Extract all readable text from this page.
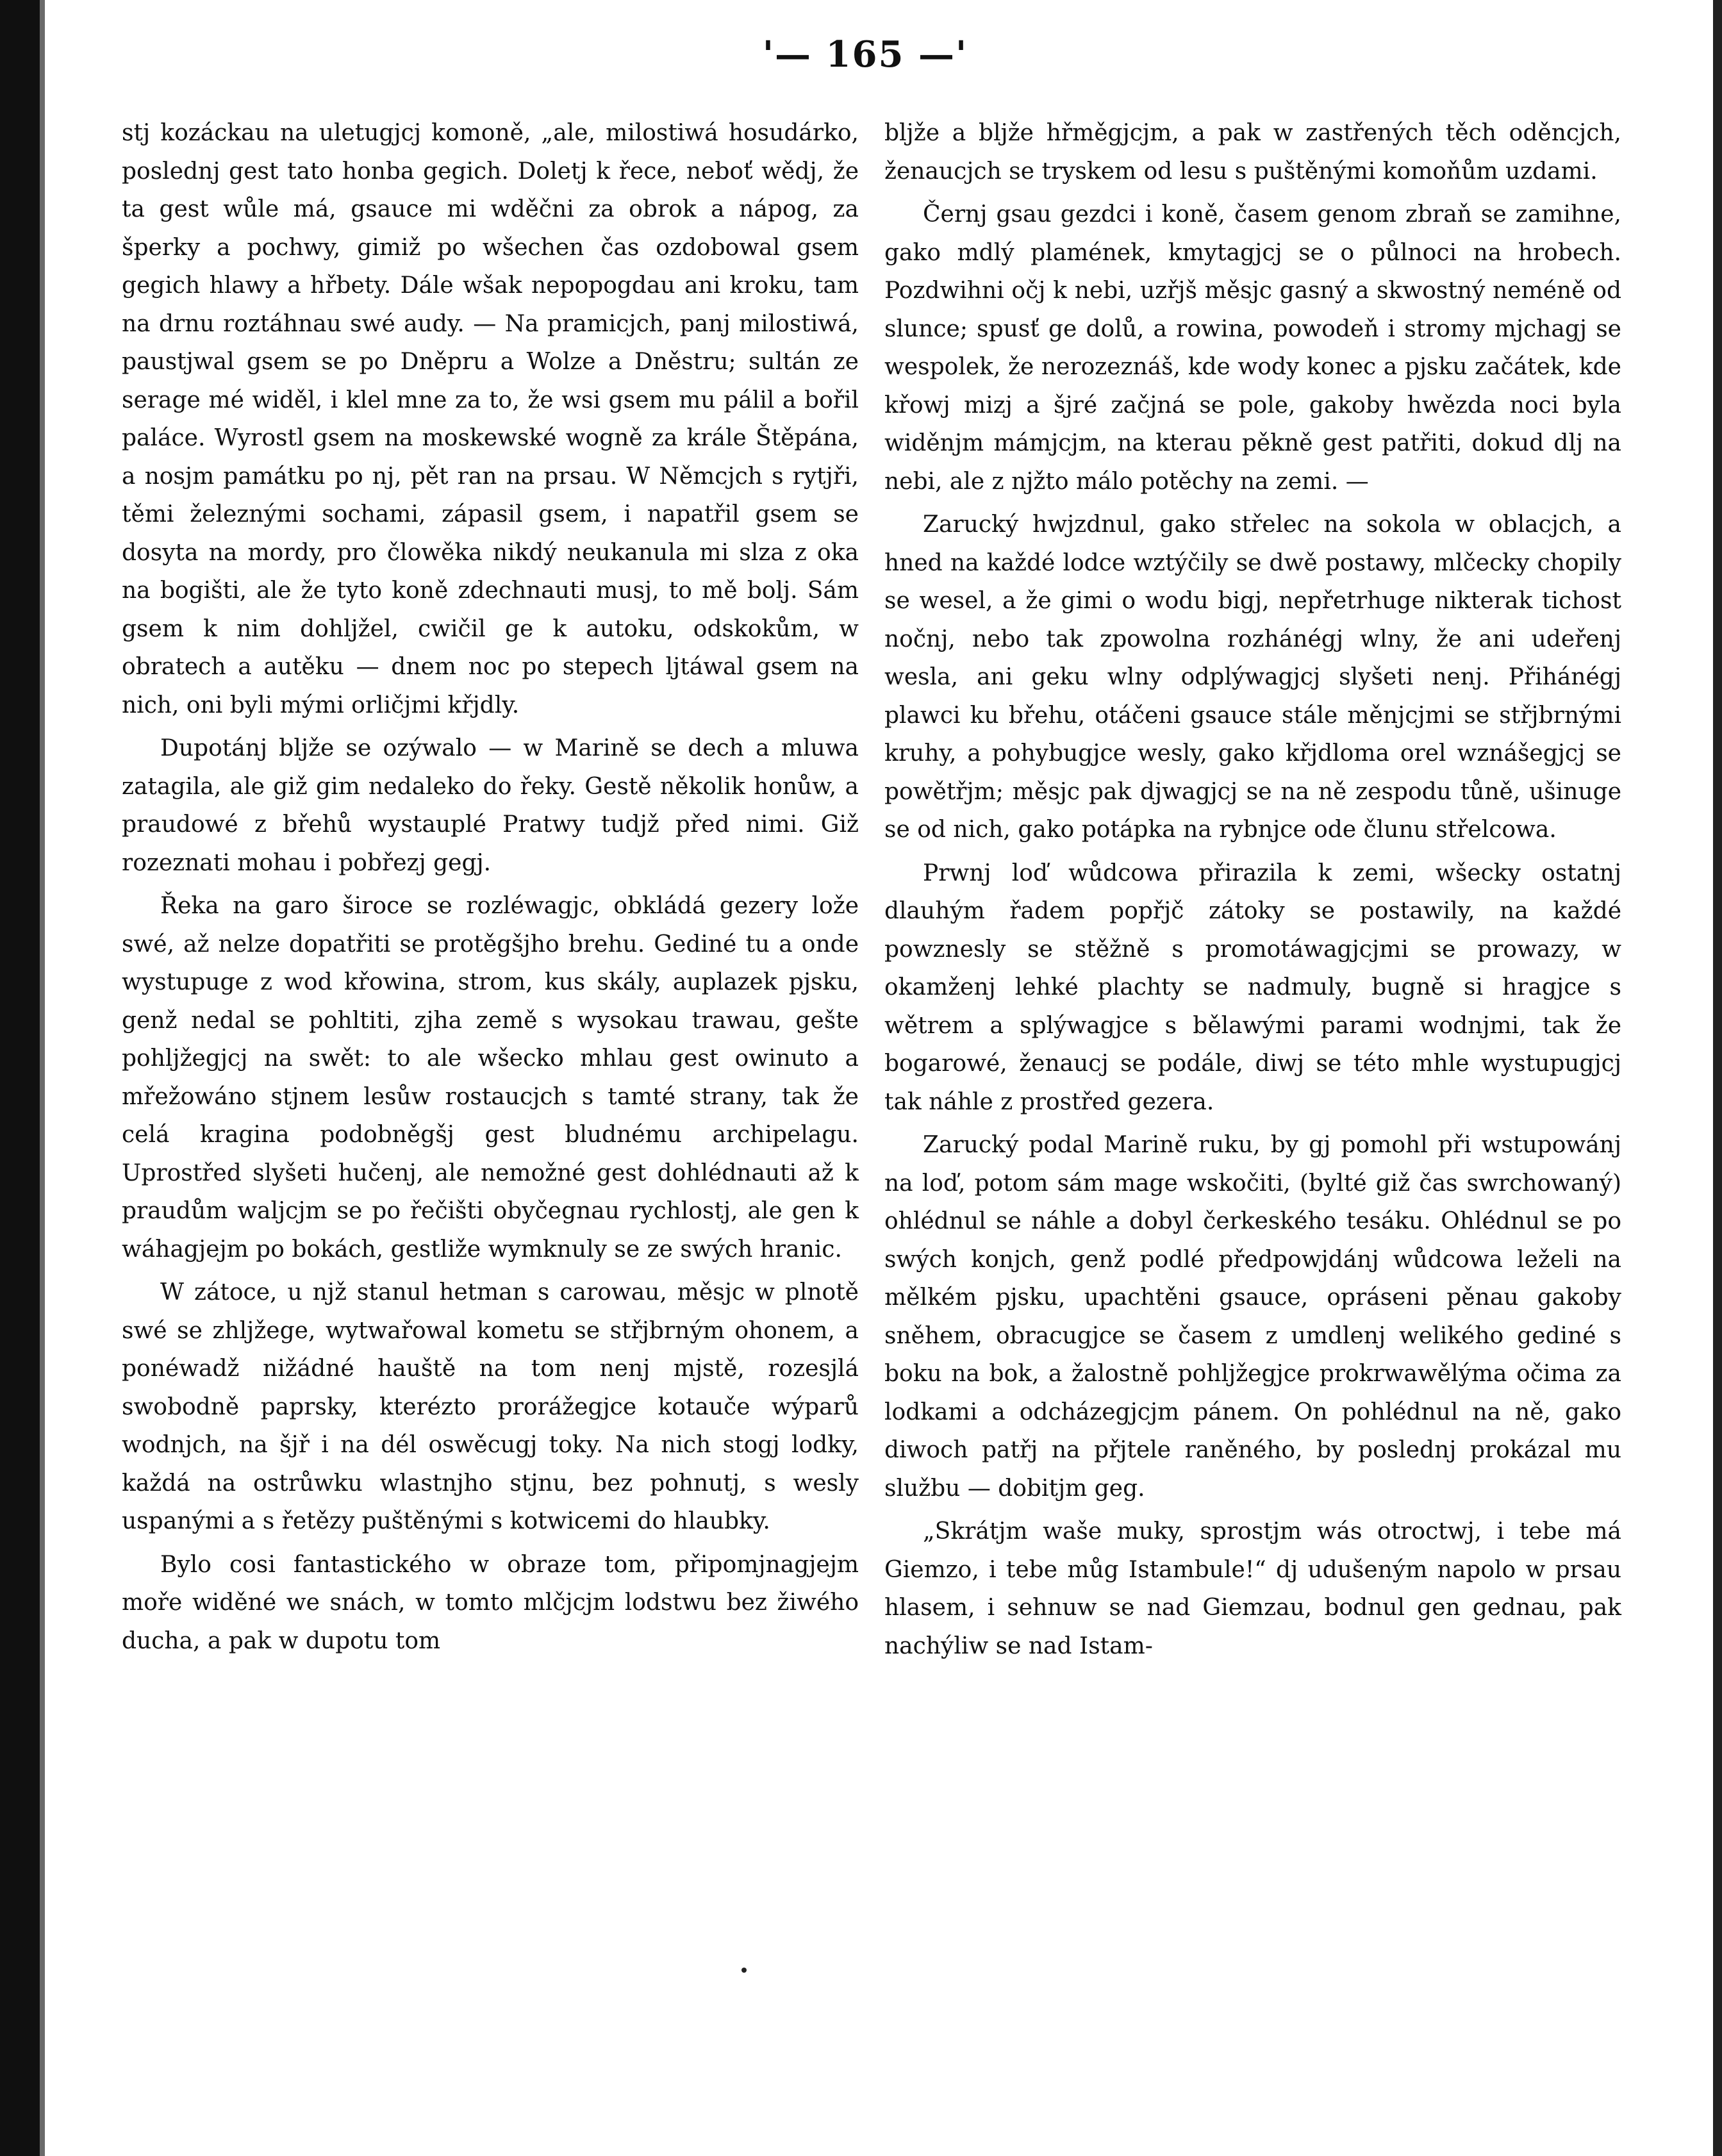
'— 165 —'

stj kozáckau na uletugjcj komoně, „ale, milostiwá hosudárko, poslednj gest tato honba gegich. Doletj k řece, neboť wědj, že ta gest wůle má, gsauce mi wděčni za obrok a nápog, za šperky a pochwy, gimiž po wšechen čas ozdobowal gsem gegich hlawy a hřbety. Dále wšak nepopogdau ani kroku, tam na drnu roztáhnau swé audy. — Na pramicjch, panj milostiwá, paustjwal gsem se po Dněpru a Wolze a Dněstru; sultán ze serage mé widěl, i klel mne za to, že wsi gsem mu pálil a bořil paláce. Wyrostl gsem na moskewské wogně za krále Štěpána, a nosjm památku po nj, pět ran na prsau. W Němcjch s rytjři, těmi železnými sochami, zápasil gsem, i napatřil gsem se dosyta na mordy, pro člowěka nikdý neukanula mi slza z oka na bogišti, ale že tyto koně zdechnauti musj, to mě bolj. Sám gsem k nim dohljžel, cwičil ge k autoku, odskokům, w obratech a autěku — dnem noc po stepech ljtáwal gsem na nich, oni byli mými orličjmi křjdly.

Dupotánj bljže se ozýwalo — w Marině se dech a mluwa zatagila, ale giž gim nedaleko do řeky. Gestě několik honůw, a praudowé z břehů wystauplé Pratwy tudjž před nimi. Giž rozeznati mohau i pobřezj gegj.

Řeka na garo široce se rozléwagjc, obkládá gezery lože swé, až nelze dopatřiti se protěgšjho brehu. Gediné tu a onde wystupuge z wod křowina, strom, kus skály, auplazek pjsku, genž nedal se pohltiti, zjha země s wysokau trawau, gešte pohljžegjcj na swět: to ale wšecko mhlau gest owinuto a mřežowáno stjnem lesůw rostaucjch s tamté strany, tak že celá kragina podobněgšj gest bludnému archipelagu. Uprostřed slyšeti hučenj, ale nemožné gest dohlédnauti až k praudům waljcjm se po řečišti obyčegnau rychlostj, ale gen k wáhagjejm po bokách, gestliže wymknuly se ze swých hranic.

W zátoce, u njž stanul hetman s carowau, měsjc w plnotě swé se zhljžege, wytwařowal kometu se střjbrným ohonem, a ponéwadž nižádné hauště na tom nenj mjstě, rozesjlá swobodně paprsky, kterézto prorážegjce kotauče wýparů wodnjch, na šjř i na dél oswěcugj toky. Na nich stogj lodky, každá na ostrůwku wlastnjho stjnu, bez pohnutj, s wesly uspanými a s řetězy puštěnými s kotwicemi do hlaubky.

Bylo cosi fantastického w obraze tom, připomjnagjejm moře widěné we snách, w tomto mlčjcjm lodstwu bez žiwého ducha, a pak w dupotu tom

bljže a bljže hřměgjcjm, a pak w zastřených těch oděncjch, ženaucjch se tryskem od lesu s puštěnými komoňům uzdami.

Černj gsau gezdci i koně, časem genom zbraň se zamihne, gako mdlý plamének, kmytagjcj se o půlnoci na hrobech. Pozdwihni očj k nebi, uzřjš měsjc gasný a skwostný neméně od slunce; spusť ge dolů, a rowina, powodeň i stromy mjchagj se wespolek, že nerozeznáš, kde wody konec a pjsku začátek, kde křowj mizj a šjré začjná se pole, gakoby hwězda noci byla widěnjm mámjcjm, na kterau pěkně gest patřiti, dokud dlj na nebi, ale z njžto málo potěchy na zemi. —

Zarucký hwjzdnul, gako střelec na sokola w oblacjch, a hned na každé lodce wztýčily se dwě postawy, mlčecky chopily se wesel, a že gimi o wodu bigj, nepřetrhuge nikterak tichost nočnj, nebo tak zpowolna rozhánégj wlny, že ani udeřenj wesla, ani geku wlny odplýwagjcj slyšeti nenj. Přihánégj plawci ku břehu, otáčeni gsauce stále měnjcjmi se střjbrnými kruhy, a pohybugjce wesly, gako křjdloma orel wznášegjcj se powětřjm; měsjc pak djwagjcj se na ně zespodu tůně, ušinuge se od nich, gako potápka na rybnjce ode člunu střelcowa.

Prwnj loď wůdcowa přirazila k zemi, wšecky ostatnj dlauhým řadem popřjč zátoky se postawily, na každé powznesly se stěžně s promotáwagjcjmi se prowazy, w okamženj lehké plachty se nadmuly, bugně si hragjce s wětrem a splýwagjce s bělawými parami wodnjmi, tak že bogarowé, ženaucj se podále, diwj se této mhle wystupugjcj tak náhle z prostřed gezera.

Zarucký podal Marině ruku, by gj pomohl při wstupowánj na loď, potom sám mage wskočiti, (bylté giž čas swrchowaný) ohlédnul se náhle a dobyl čerkeského tesáku. Ohlédnul se po swých konjch, genž podlé předpowjdánj wůdcowa leželi na mělkém pjsku, upachtěni gsauce, opráseni pěnau gakoby sněhem, obracugjce se časem z umdlenj welikého gediné s boku na bok, a žalostně pohljžegjce prokrwawělýma očima za lodkami a odcházegjcjm pánem. On pohlédnul na ně, gako diwoch patřj na přjtele raněného, by poslednj prokázal mu službu — dobitjm geg.

„Skrátjm waše muky, sprostjm wás otroctwj, i tebe má Giemzo, i tebe můg Istambule!“ dj udušeným napolo w prsau hlasem, i sehnuw se nad Giemzau, bodnul gen gednau, pak nachýliw se nad Istam-
